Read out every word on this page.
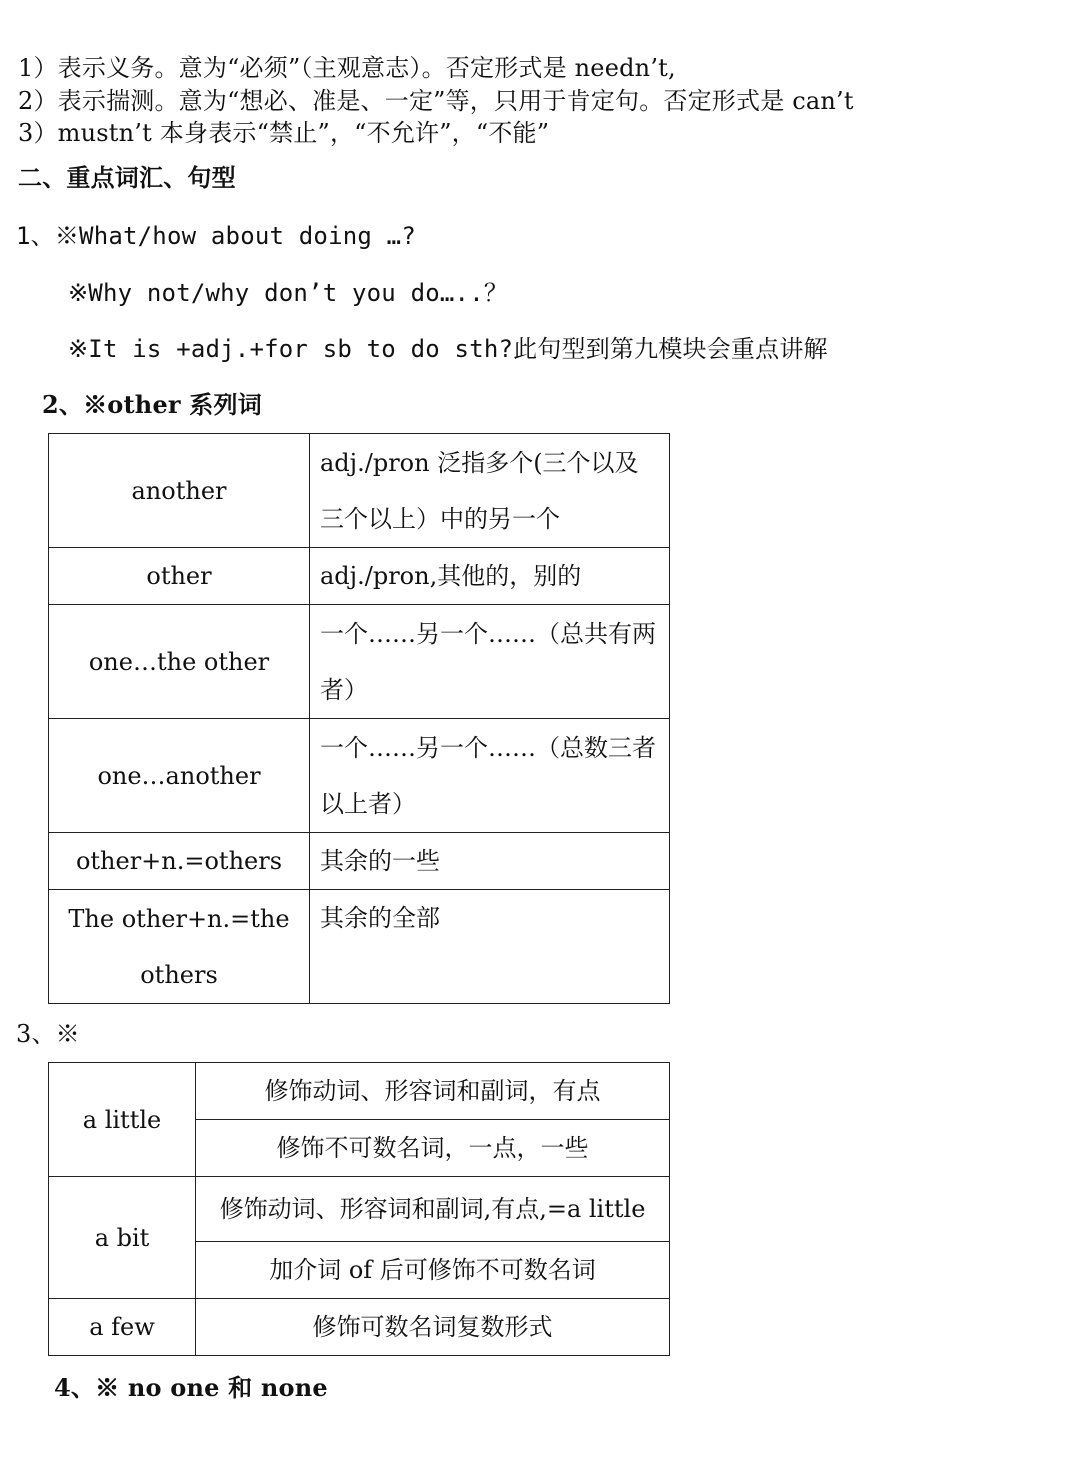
1）表示义务。意为“必须”（主观意志）。否定形式是 needn’t,
2）表示揣测。意为“想必、准是、一定”等，只用于肯定句。否定形式是 can’t
3）mustn’t 本身表示“禁止”，“不允许”，“不能”
二、重点词汇、句型
1、※What/how about doing …?
※Why not/why don’t you do…..？
※It is +adj.+for sb to do sth?此句型到第九模块会重点讲解
2、※other 系列词
another	adj./pron 泛指多个(三个以及三个以上）中的另一个
other	adj./pron,其他的，别的
one…the other	一个……另一个……（总共有两者）
one…another	一个……另一个……（总数三者以上者）
other+n.=others	其余的一些
The other+n.=the others	其余的全部
3、※
a little	修饰动词、形容词和副词，有点
	修饰不可数名词，一点，一些
a bit	修饰动词、形容词和副词,有点,=a little
	加介词 of 后可修饰不可数名词
a few	修饰可数名词复数形式
4、※ no one 和 none
